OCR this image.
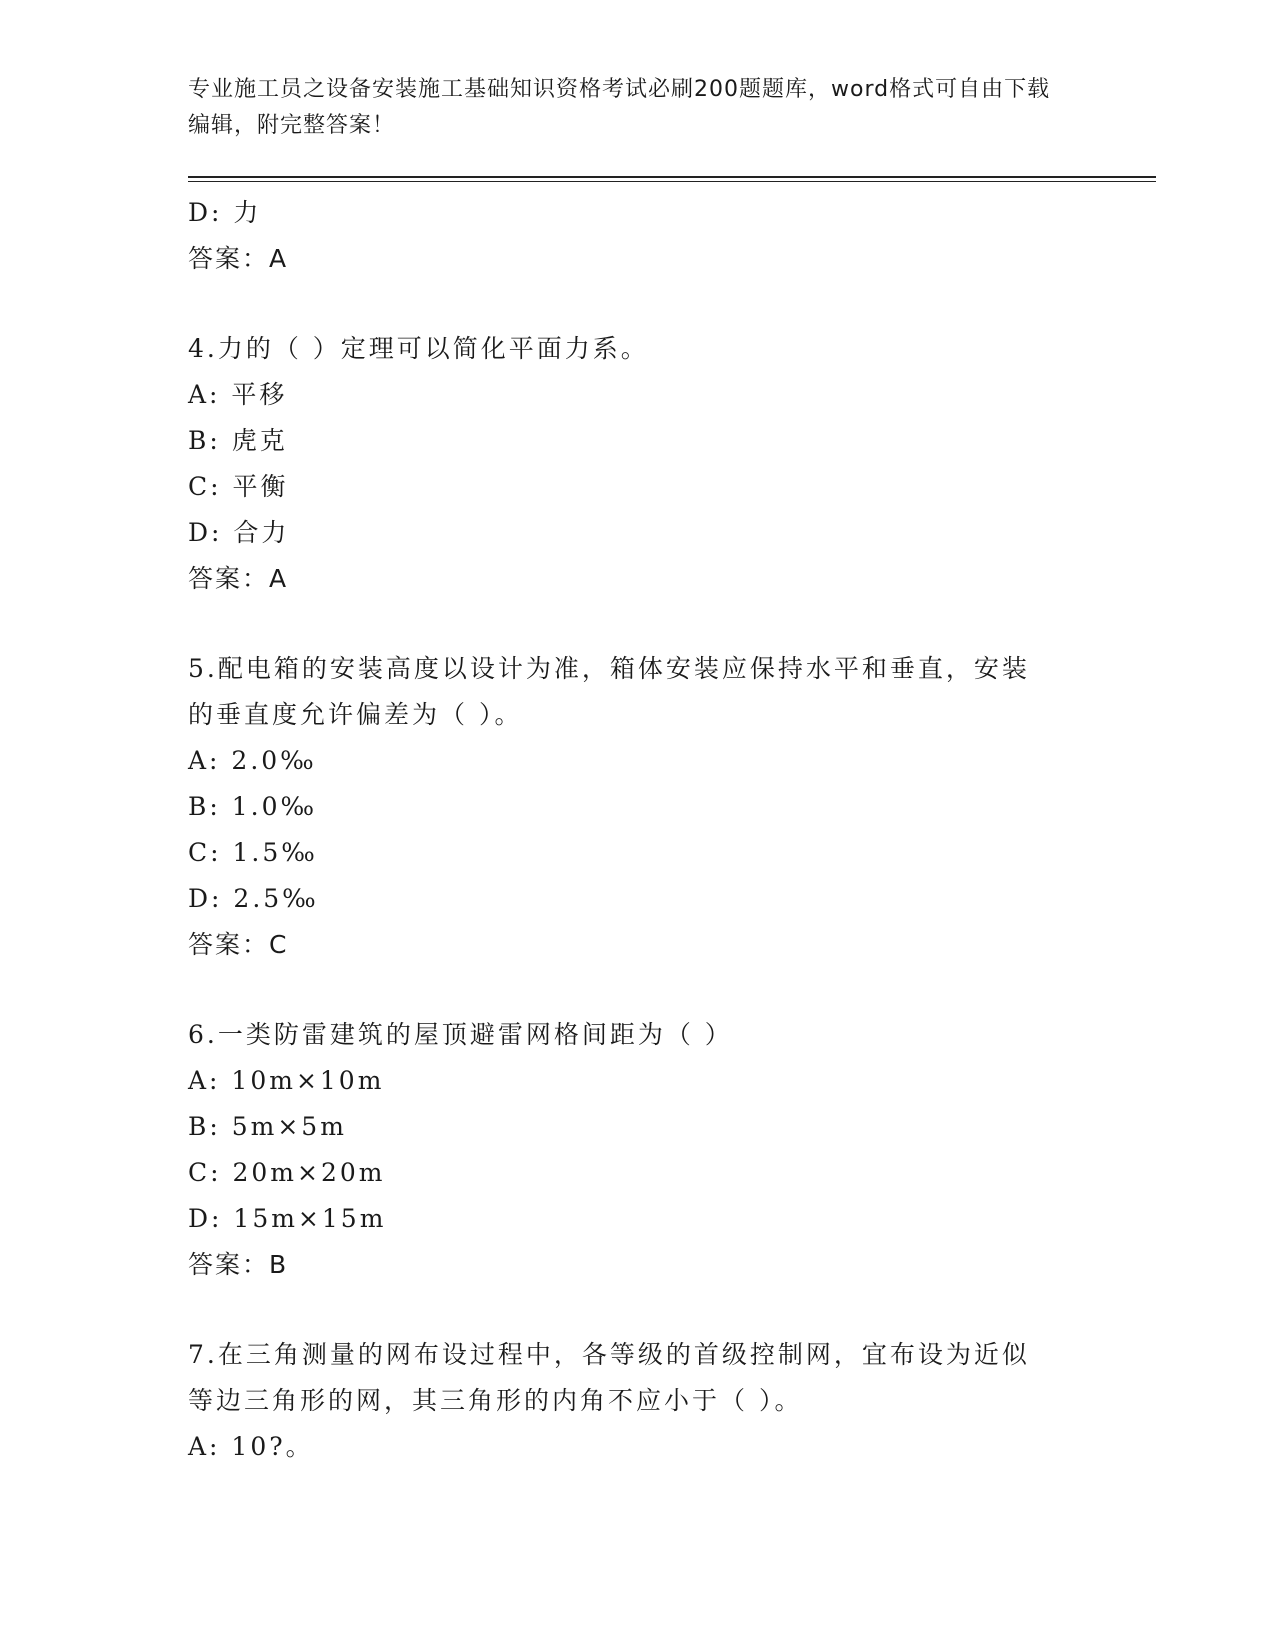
专业施工员之设备安装施工基础知识资格考试必刷200题题库，word格式可自由下载编辑，附完整答案！
D: 力
答案：A
4.力的（ ）定理可以简化平面力系。
A: 平移
B: 虎克
C: 平衡
D: 合力
答案：A
5.配电箱的安装高度以设计为准，箱体安装应保持水平和垂直，安装
的垂直度允许偏差为（ ）。
A: 2.0‰
B: 1.0‰
C: 1.5‰
D: 2.5‰
答案：C
6.一类防雷建筑的屋顶避雷网格间距为（ ）
A: 10m×10m
B: 5m×5m
C: 20m×20m
D: 15m×15m
答案：B
7.在三角测量的网布设过程中，各等级的首级控制网，宜布设为近似
等边三角形的网，其三角形的内角不应小于（ ）。
A: 10?。
